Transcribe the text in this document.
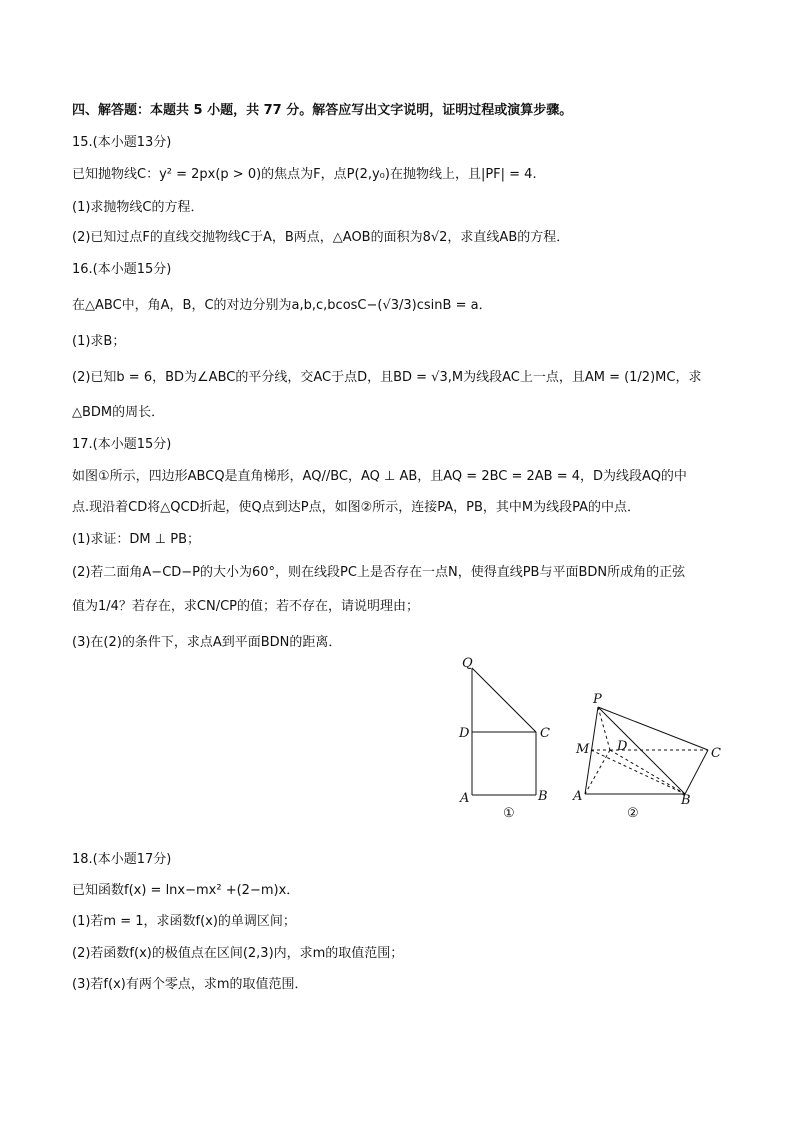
四、解答题：本题共 5 小题，共 77 分。解答应写出文字说明，证明过程或演算步骤。
15.(本小题13分)
已知抛物线C：y² = 2px(p > 0)的焦点为F，点P(2,y₀)在抛物线上，且|PF| = 4.
(1)求抛物线C的方程．
(2)已知过点F的直线交抛物线C于A，B两点，△AOB的面积为8√2，求直线AB的方程．
16.(本小题15分)
在△ABC中，角A，B，C的对边分别为a,b,c,bcosC−(√3/3)csinB = a．
(1)求B；
(2)已知b = 6，BD为∠ABC的平分线，交AC于点D，且BD = √3,M为线段AC上一点，且AM = (1/2)MC，求
△BDM的周长．
17.(本小题15分)
如图①所示，四边形ABCQ是直角梯形，AQ//BC，AQ ⊥ AB，且AQ = 2BC = 2AB = 4，D为线段AQ的中
点.现沿着CD将△QCD折起，使Q点到达P点，如图②所示，连接PA，PB，其中M为线段PA的中点．
(1)求证：DM ⊥ PB；
(2)若二面角A−CD−P的大小为60°，则在线段PC上是否存在一点N，使得直线PB与平面BDN所成角的正弦
值为1/4？若存在，求CN/CP的值；若不存在，请说明理由；
(3)在(2)的条件下，求点A到平面BDN的距离．
Q
D	C
A	B
①
P
M D	C
A	B
②
18.(本小题17分)
已知函数f(x) = lnx−mx² +(2−m)x．
(1)若m = 1，求函数f(x)的单调区间；
(2)若函数f(x)的极值点在区间(2,3)内，求m的取值范围；
(3)若f(x)有两个零点，求m的取值范围．
